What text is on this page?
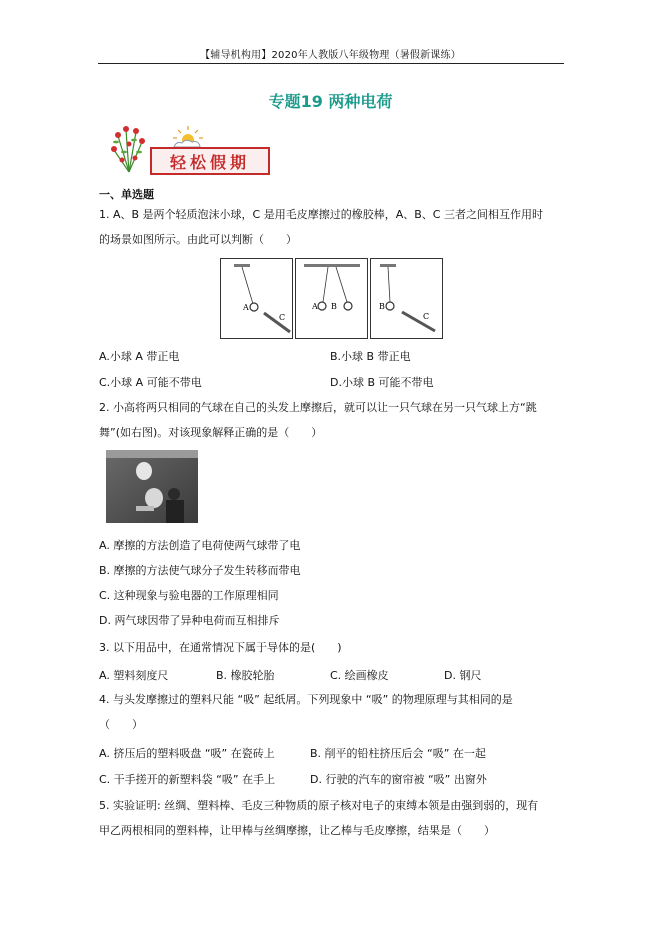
【辅导机构用】2020年人教版八年级物理（暑假新课练）
专题19 两种电荷
轻松假期
一、单选题
1. A、B 是两个轻质泡沫小球，C 是用毛皮摩擦过的橡胶棒，A、B、C 三者之间相互作用时
的场景如图所示。由此可以判断（　　）
A
C
A B	B
C
A.小球 A 带正电	B.小球 B 带正电
C.小球 A 可能不带电	D.小球 B 可能不带电
2. 小高将两只相同的气球在自己的头发上摩擦后，就可以让一只气球在另一只气球上方“跳
舞”(如右图)。对该现象解释正确的是（　　）
A. 摩擦的方法创造了电荷使两气球带了电
B. 摩擦的方法使气球分子发生转移而带电
C. 这种现象与验电器的工作原理相同
D. 两气球因带了异种电荷而互相排斥
3. 以下用品中，在通常情况下属于导体的是(　　)
A. 塑料刻度尺	B. 橡胶轮胎	C. 绘画橡皮	D. 钢尺
4. 与头发摩擦过的塑料尺能 “吸” 起纸屑。下列现象中 “吸” 的物理原理与其相同的是
（　　）
A. 挤压后的塑料吸盘 “吸” 在瓷砖上	B. 削平的铅柱挤压后会 “吸” 在一起
C. 干手搓开的新塑料袋 “吸” 在手上	D. 行驶的汽车的窗帘被 “吸” 出窗外
5. 实验证明: 丝绸、塑料棒、毛皮三种物质的原子核对电子的束缚本领是由强到弱的，现有
甲乙两根相同的塑料棒，让甲棒与丝绸摩擦，让乙棒与毛皮摩擦，结果是（　　）
